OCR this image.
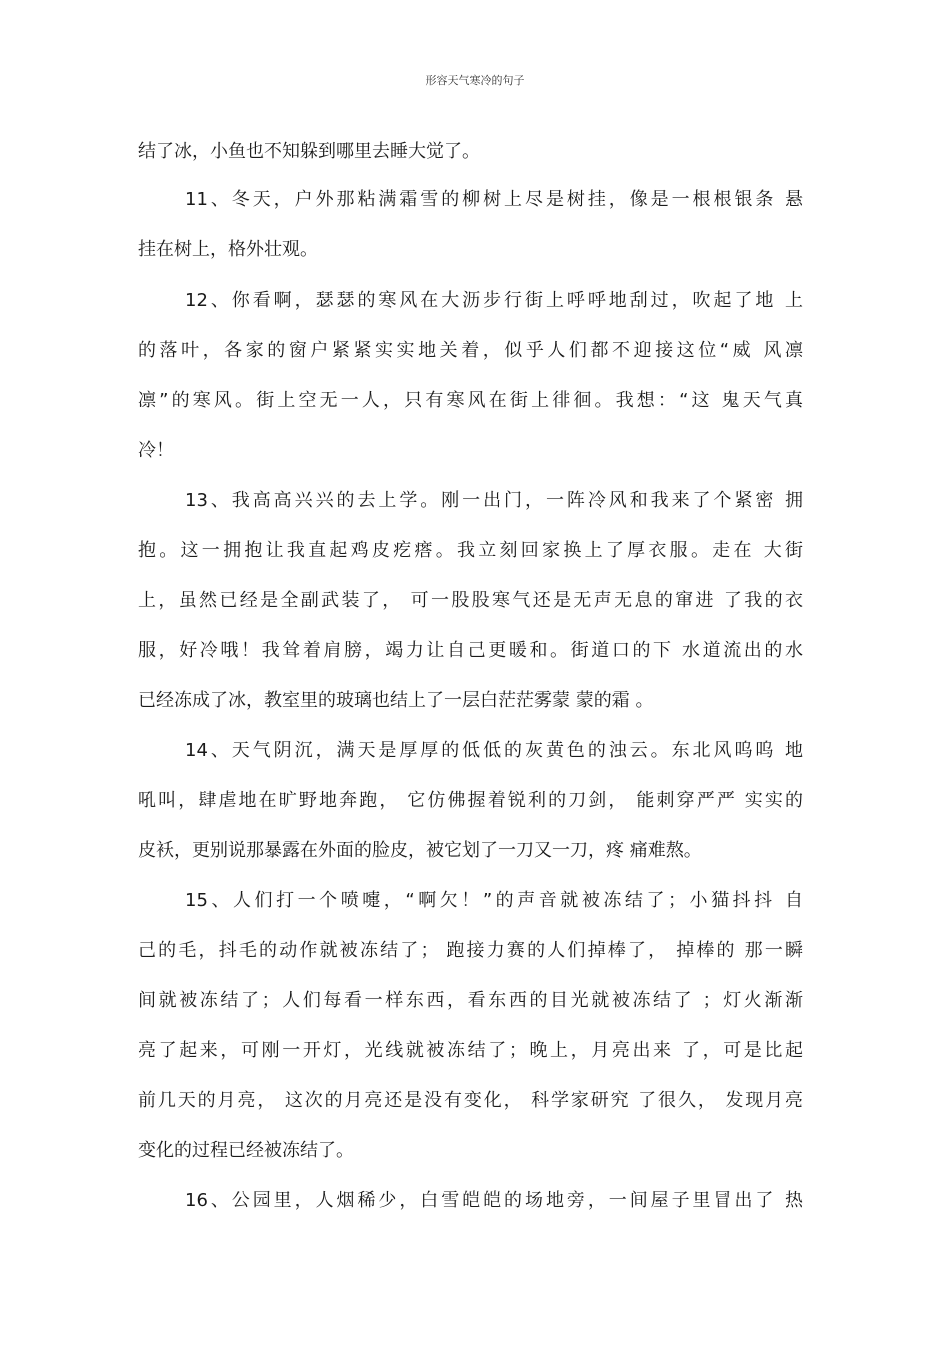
形容天气寒冷的句子
结了冰，小鱼也不知躲到哪里去睡大觉了。
11、冬天，户外那粘满霜雪的柳树上尽是树挂，像是一根根银条 悬
挂在树上，格外壮观。
12、你看啊，瑟瑟的寒风在大沥步行街上呼呼地刮过，吹起了地 上
的落叶，各家的窗户紧紧实实地关着，似乎人们都不迎接这位“威 风凛
凛”的寒风。街上空无一人，只有寒风在街上徘徊。我想：“这 鬼天气真
冷！
13、我高高兴兴的去上学。刚一出门，一阵冷风和我来了个紧密 拥
抱。这一拥抱让我直起鸡皮疙瘩。我立刻回家换上了厚衣服。走在 大街
上，虽然已经是全副武装了， 可一股股寒气还是无声无息的窜进 了我的衣
服，好冷哦！我耸着肩膀，竭力让自己更暖和。街道口的下 水道流出的水
已经冻成了冰，教室里的玻璃也结上了一层白茫茫雾蒙 蒙的霜 。
14、天气阴沉，满天是厚厚的低低的灰黄色的浊云。东北风呜呜 地
吼叫，肆虐地在旷野地奔跑， 它仿佛握着锐利的刀剑， 能刺穿严严 实实的
皮袄，更别说那暴露在外面的脸皮，被它划了一刀又一刀，疼 痛难熬。
15、人们打一个喷嚏，“啊欠！”的声音就被冻结了；小猫抖抖 自
己的毛，抖毛的动作就被冻结了； 跑接力赛的人们掉棒了， 掉棒的 那一瞬
间就被冻结了；人们每看一样东西，看东西的目光就被冻结了 ；灯火渐渐
亮了起来，可刚一开灯，光线就被冻结了；晚上，月亮出来 了，可是比起
前几天的月亮， 这次的月亮还是没有变化， 科学家研究 了很久， 发现月亮
变化的过程已经被冻结了。
16、公园里，人烟稀少，白雪皑皑的场地旁，一间屋子里冒出了 热
